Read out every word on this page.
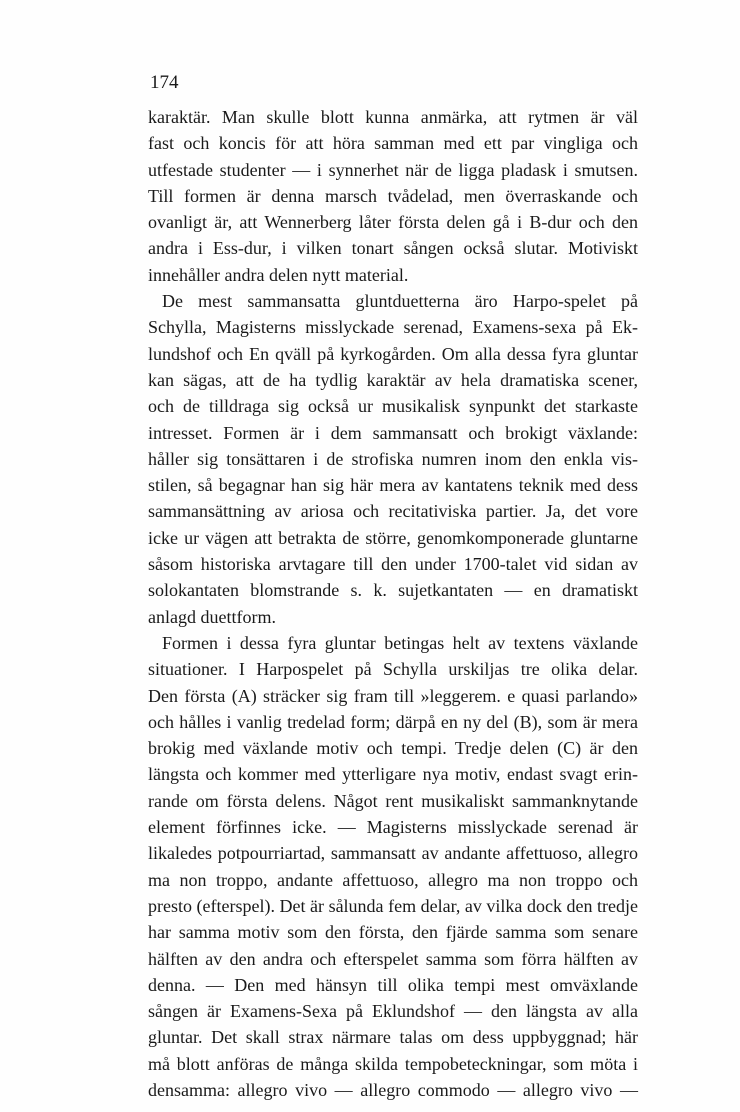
174
karaktär. Man skulle blott kunna anmärka, att rytmen är väl
fast och koncis för att höra samman med ett par vingliga och
utfestade studenter — i synnerhet när de ligga pladask i smutsen.
Till formen är denna marsch tvådelad, men överraskande och
ovanligt är, att Wennerberg låter första delen gå i B-dur och den
andra i Ess-dur, i vilken tonart sången också slutar. Motiviskt
innehåller andra delen nytt material.
De mest sammansatta gluntduetterna äro Harpo-spelet på
Schylla, Magisterns misslyckade serenad, Examens-sexa på Ek-
lundshof och En qväll på kyrkogården. Om alla dessa fyra gluntar
kan sägas, att de ha tydlig karaktär av hela dramatiska scener,
och de tilldraga sig också ur musikalisk synpunkt det starkaste
intresset. Formen är i dem sammansatt och brokigt växlande:
håller sig tonsättaren i de strofiska numren inom den enkla vis-
stilen, så begagnar han sig här mera av kantatens teknik med dess
sammansättning av ariosa och recitativiska partier. Ja, det vore
icke ur vägen att betrakta de större, genomkomponerade gluntarne
såsom historiska arvtagare till den under 1700-talet vid sidan av
solokantaten blomstrande s. k. sujetkantaten — en dramatiskt
anlagd duettform.
Formen i dessa fyra gluntar betingas helt av textens växlande
situationer. I Harpospelet på Schylla urskiljas tre olika delar.
Den första (A) sträcker sig fram till »leggerem. e quasi parlando»
och hålles i vanlig tredelad form; därpå en ny del (B), som är mera
brokig med växlande motiv och tempi. Tredje delen (C) är den
längsta och kommer med ytterligare nya motiv, endast svagt erin-
rande om första delens. Något rent musikaliskt sammanknytande
element förfinnes icke. — Magisterns misslyckade serenad är
likaledes potpourriartad, sammansatt av andante affettuoso, allegro
ma non troppo, andante affettuoso, allegro ma non troppo och
presto (efterspel). Det är sålunda fem delar, av vilka dock den tredje
har samma motiv som den första, den fjärde samma som senare
hälften av den andra och efterspelet samma som förra hälften av
denna. — Den med hänsyn till olika tempi mest omväxlande
sången är Examens-Sexa på Eklundshof — den längsta av alla
gluntar. Det skall strax närmare talas om dess uppbyggnad; här
må blott anföras de många skilda tempobeteckningar, som möta i
densamma: allegro vivo — allegro commodo — allegro vivo —
